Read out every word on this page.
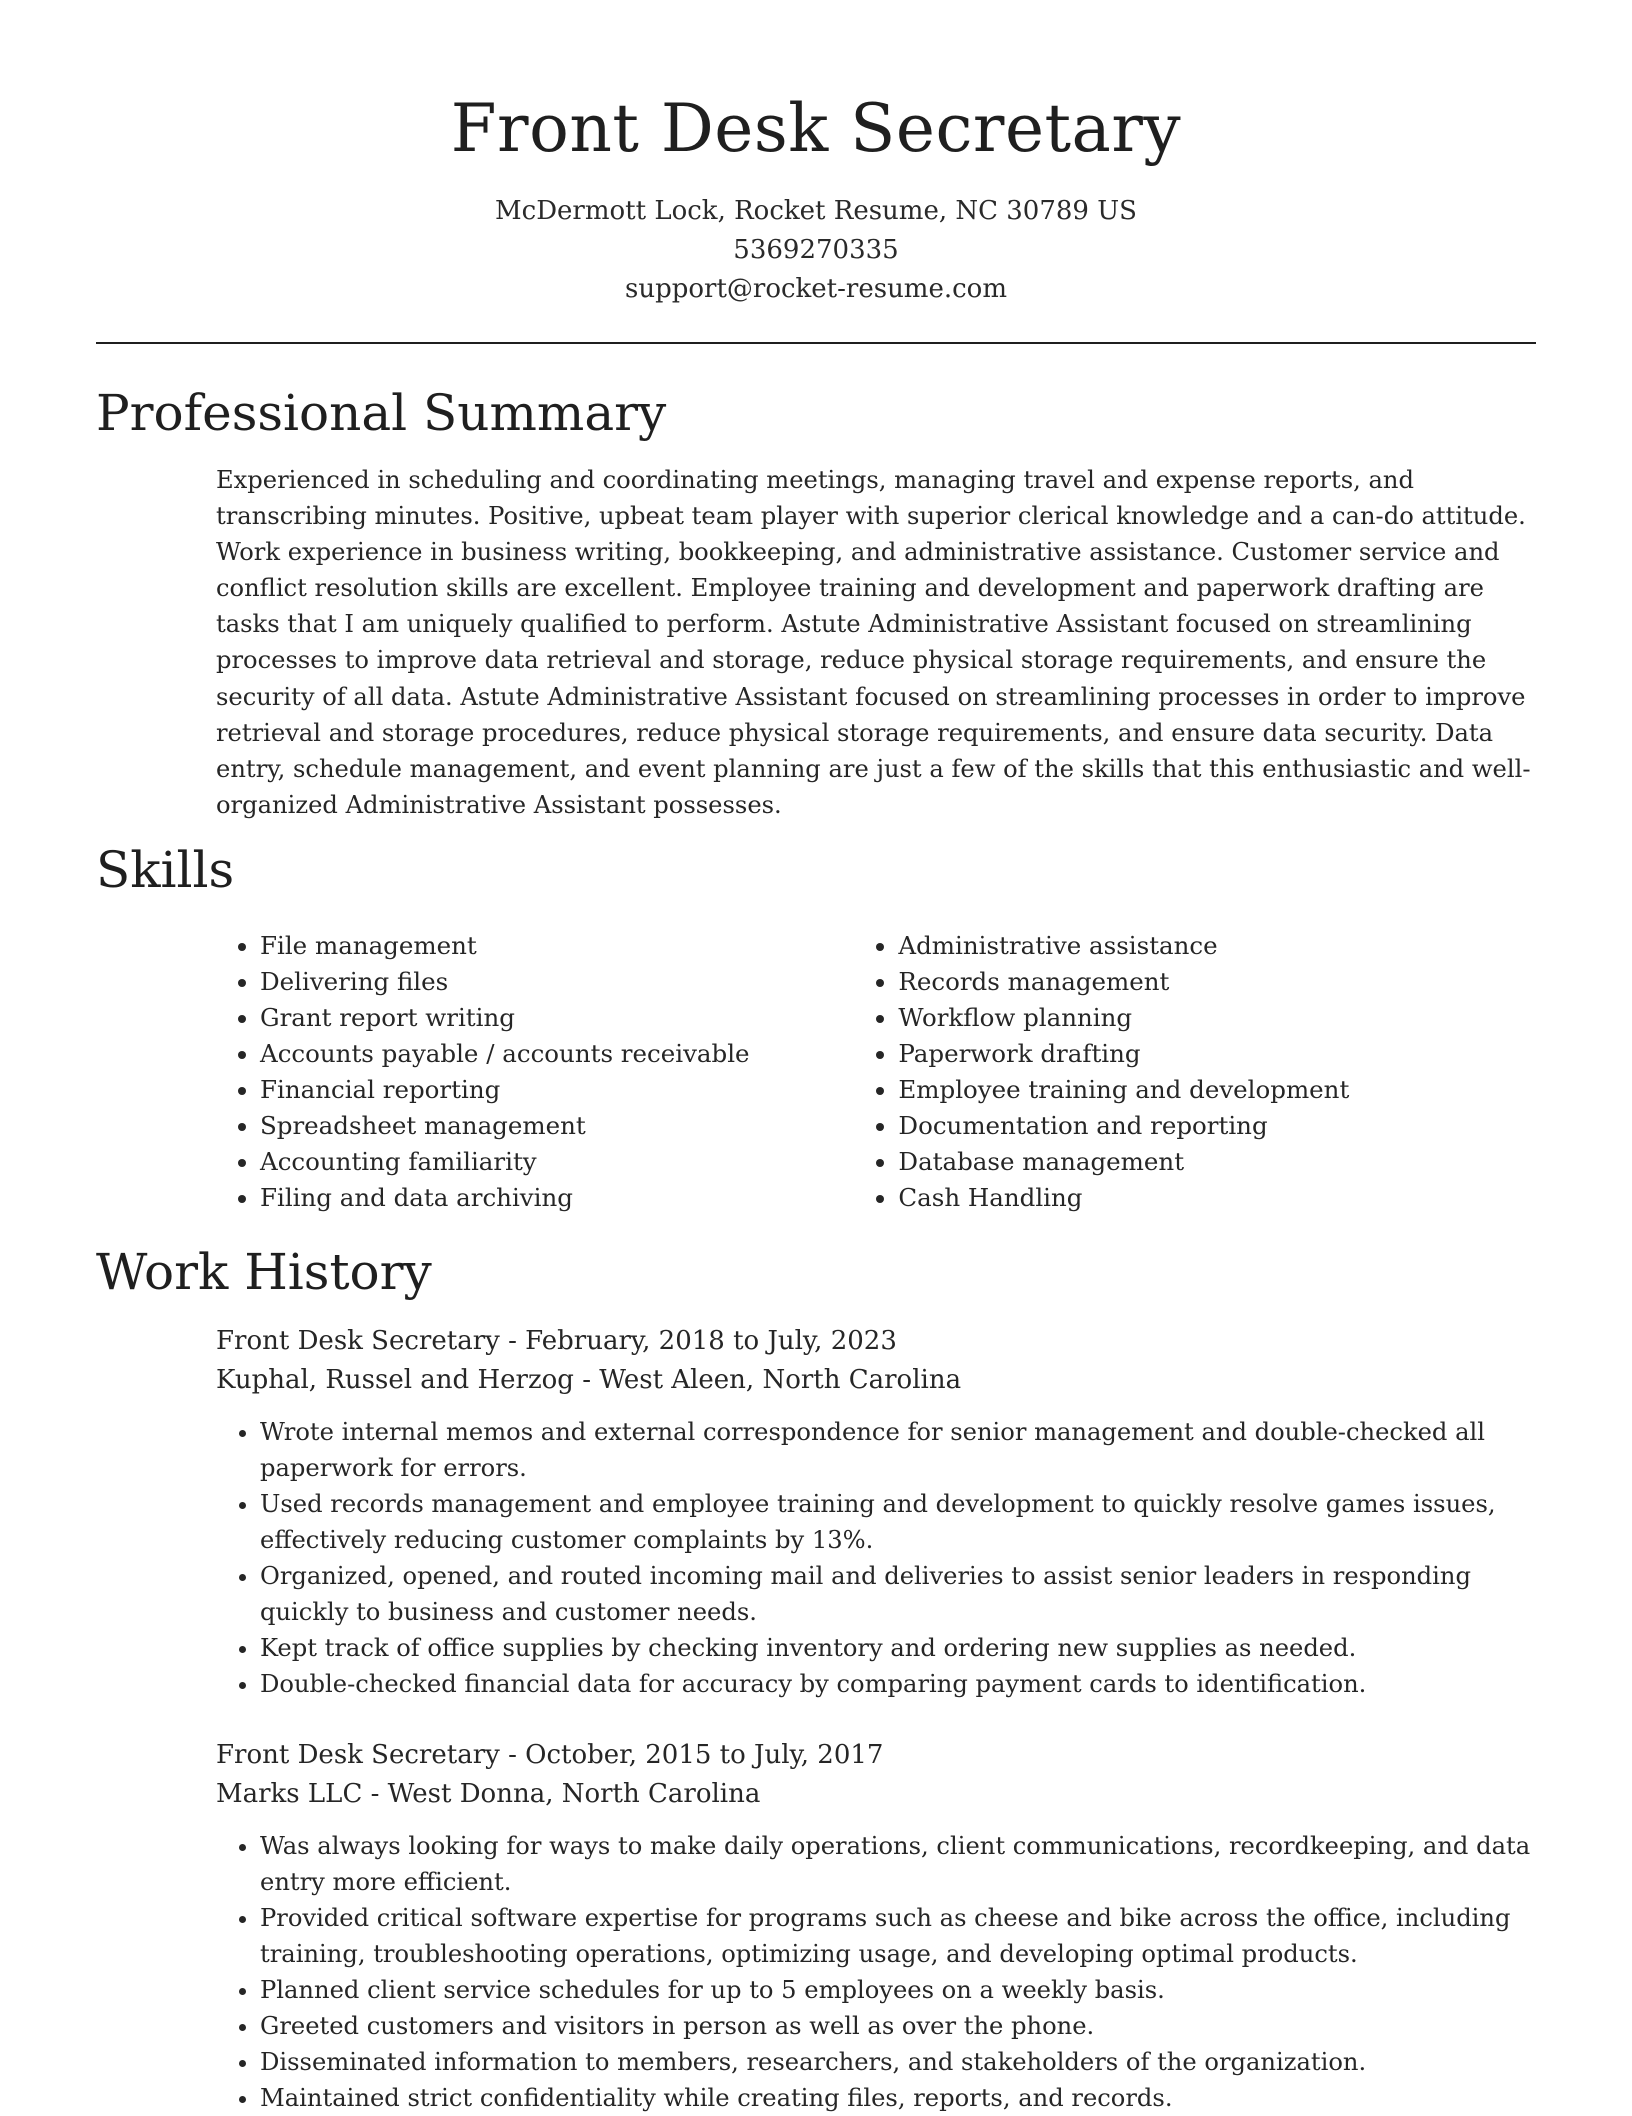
Front Desk Secretary
McDermott Lock, Rocket Resume, NC 30789 US
5369270335
support@rocket-resume.com
Professional Summary

Experienced in scheduling and coordinating meetings, managing travel and expense reports, and transcribing minutes. Positive, upbeat team player with superior clerical knowledge and a can-do attitude. Work experience in business writing, bookkeeping, and administrative assistance. Customer service and conflict resolution skills are excellent. Employee training and development and paperwork drafting are tasks that I am uniquely qualified to perform. Astute Administrative Assistant focused on streamlining processes to improve data retrieval and storage, reduce physical storage requirements, and ensure the security of all data. Astute Administrative Assistant focused on streamlining processes in order to improve retrieval and storage procedures, reduce physical storage requirements, and ensure data security. Data entry, schedule management, and event planning are just a few of the skills that this enthusiastic and well-organized Administrative Assistant possesses.

Skills
• File management
• Delivering files
• Grant report writing
• Accounts payable / accounts receivable
• Financial reporting
• Spreadsheet management
• Accounting familiarity
• Filing and data archiving
• Administrative assistance
• Records management
• Workflow planning
• Paperwork drafting
• Employee training and development
• Documentation and reporting
• Database management
• Cash Handling
Work History
Front Desk Secretary - February, 2018 to July, 2023
Kuphal, Russel and Herzog - West Aleen, North Carolina
• Wrote internal memos and external correspondence for senior management and double-checked all paperwork for errors.
• Used records management and employee training and development to quickly resolve games issues, effectively reducing customer complaints by 13%.
• Organized, opened, and routed incoming mail and deliveries to assist senior leaders in responding quickly to business and customer needs.
• Kept track of office supplies by checking inventory and ordering new supplies as needed.
• Double-checked financial data for accuracy by comparing payment cards to identification.
Front Desk Secretary - October, 2015 to July, 2017
Marks LLC - West Donna, North Carolina
• Was always looking for ways to make daily operations, client communications, recordkeeping, and data entry more efficient.
• Provided critical software expertise for programs such as cheese and bike across the office, including training, troubleshooting operations, optimizing usage, and developing optimal products.
• Planned client service schedules for up to 5 employees on a weekly basis.
• Greeted customers and visitors in person as well as over the phone.
• Disseminated information to members, researchers, and stakeholders of the organization.
• Maintained strict confidentiality while creating files, reports, and records.
